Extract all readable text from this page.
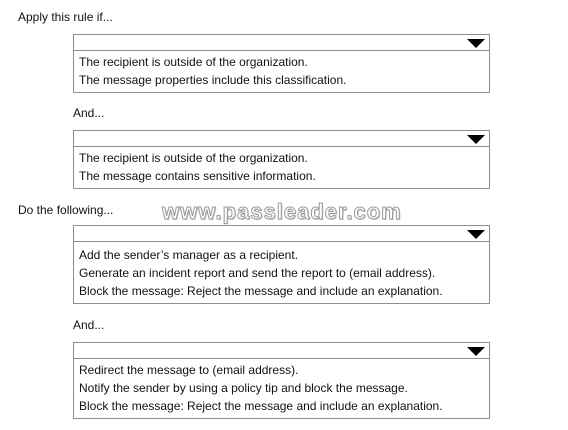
Apply this rule if...
The recipient is outside of the organization.
The message properties include this classification.
And...
The recipient is outside of the organization.
The message contains sensitive information.
Do the following... www.passleader.com
Add the sender’s manager as a recipient.
Generate an incident report and send the report to (email address).
Block the message: Reject the message and include an explanation.
And...
Redirect the message to (email address).
Notify the sender by using a policy tip and block the message.
Block the message: Reject the message and include an explanation.
